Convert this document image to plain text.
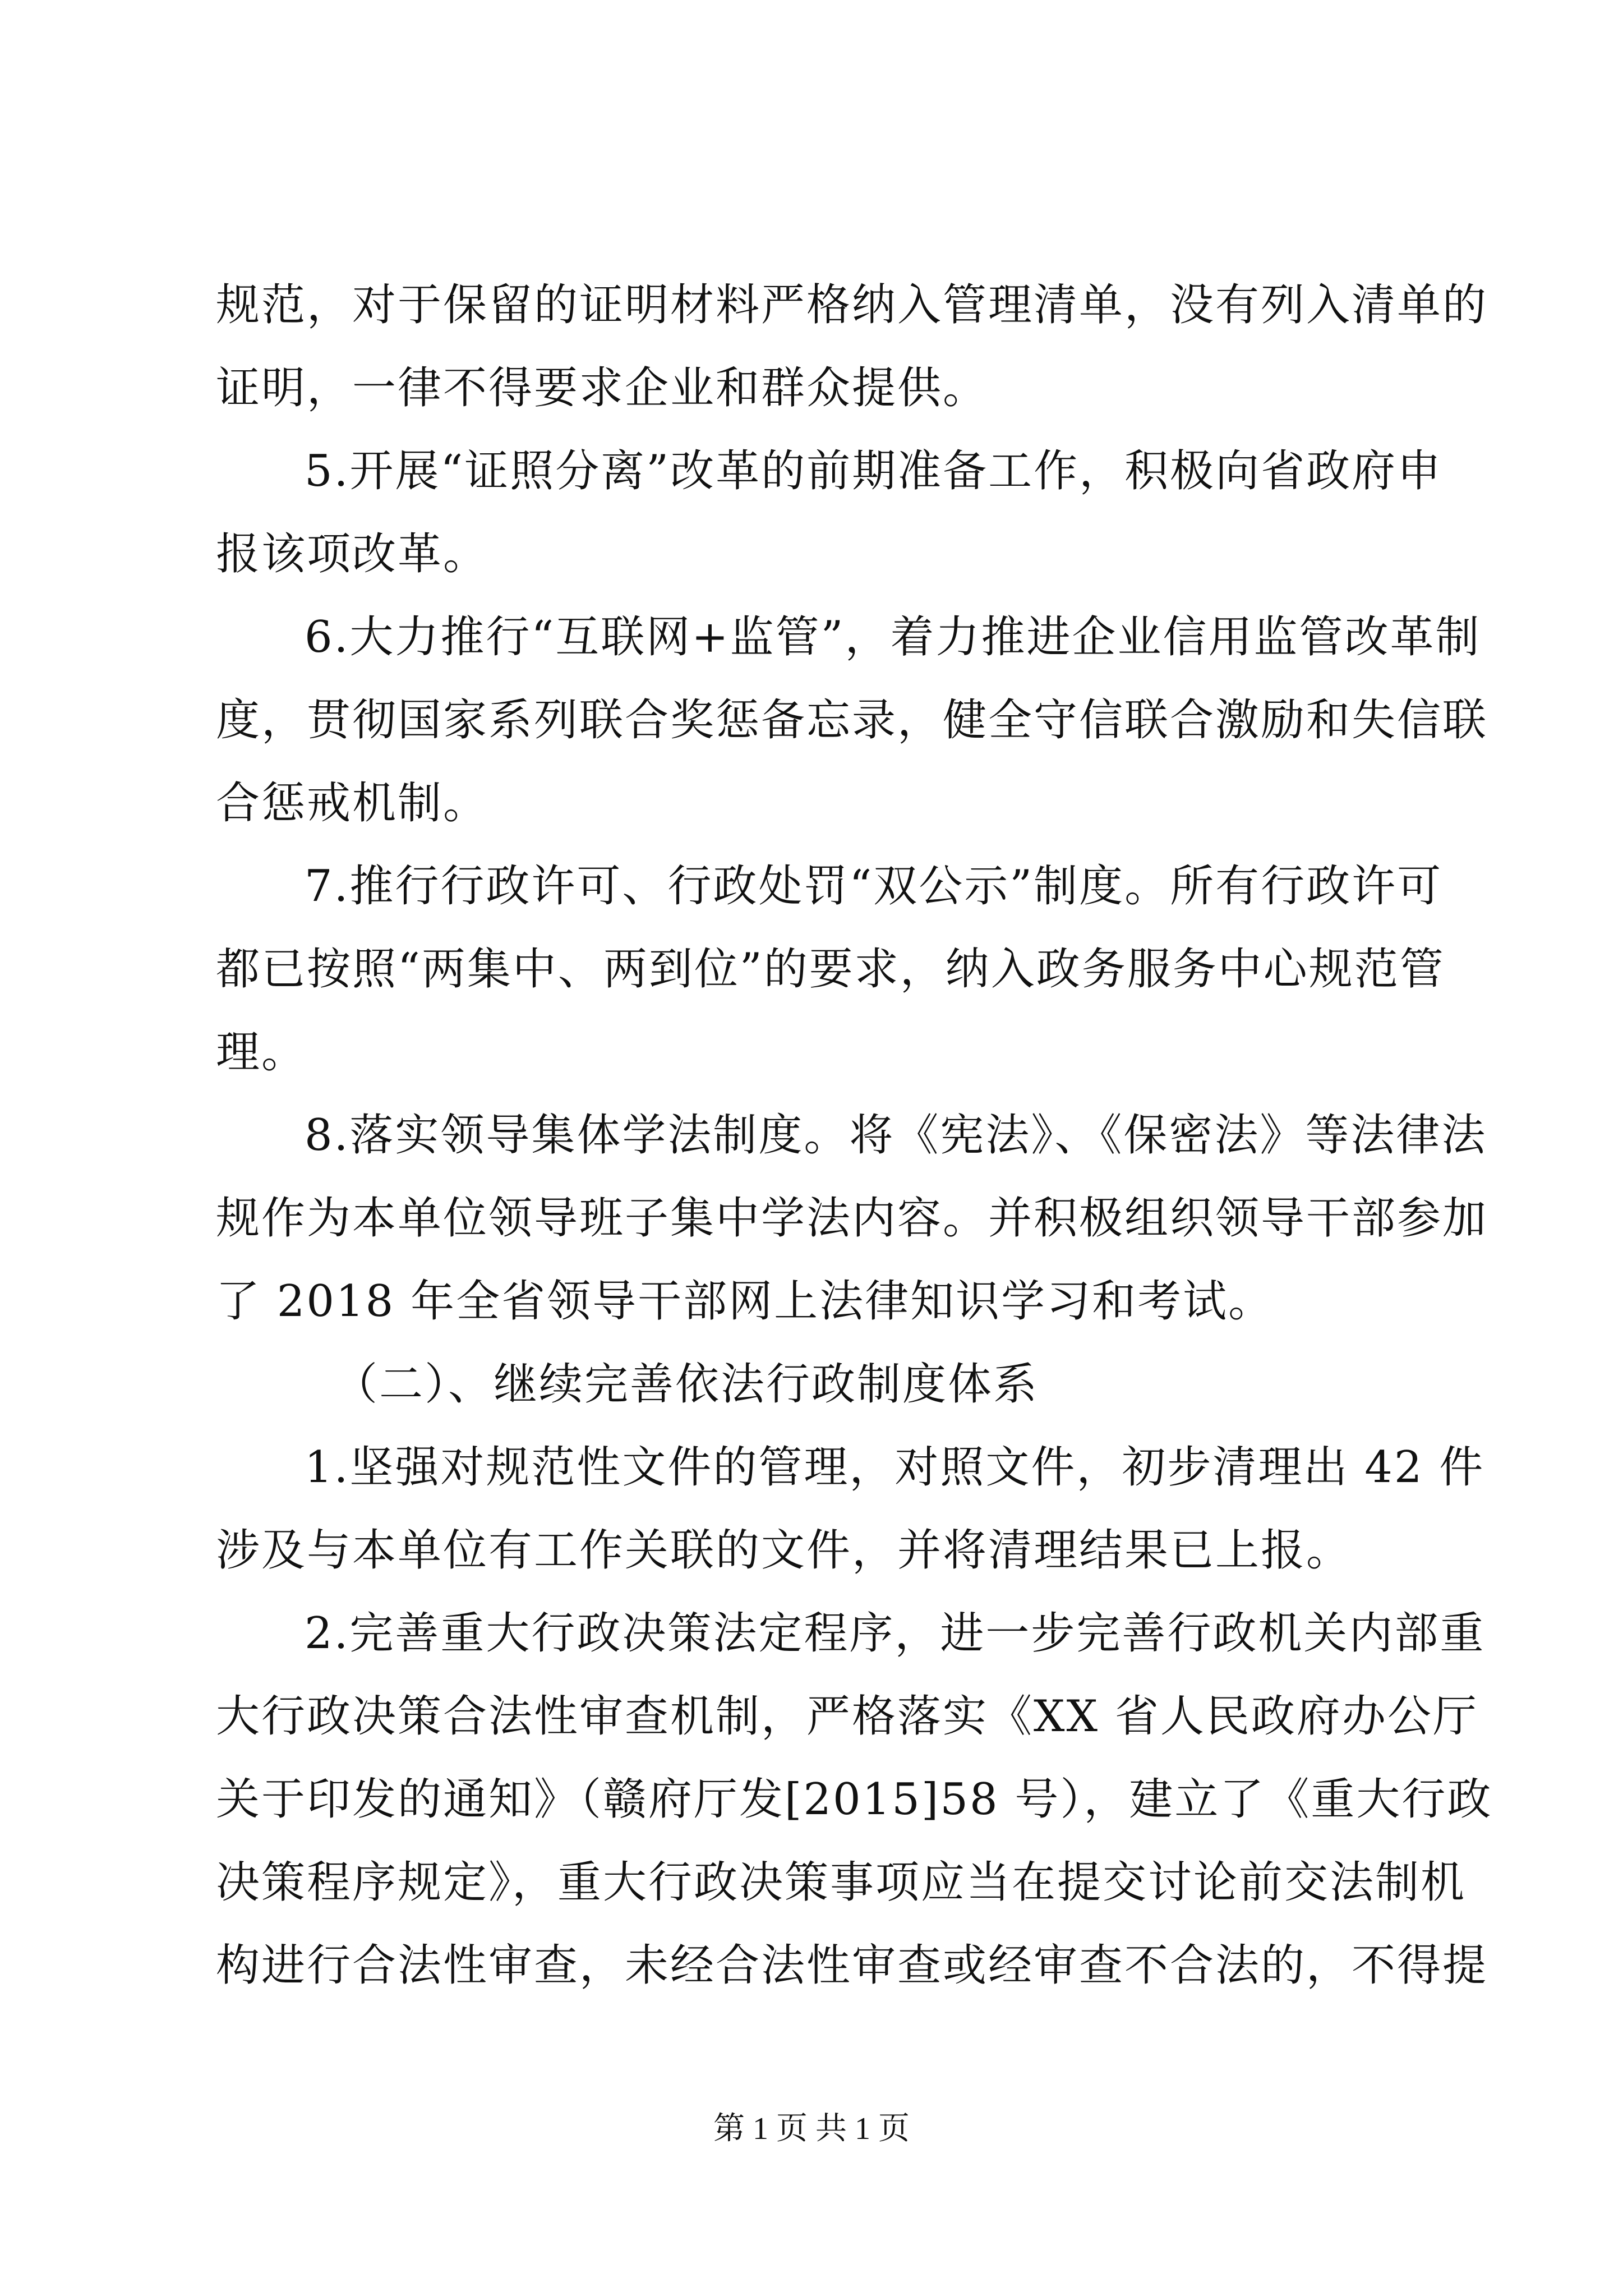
规范，对于保留的证明材料严格纳入管理清单，没有列入清单的
证明，一律不得要求企业和群众提供。
5.开展“证照分离”改革的前期准备工作，积极向省政府申
报该项改革。
6.大力推行“互联网+监管”，着力推进企业信用监管改革制
度，贯彻国家系列联合奖惩备忘录，健全守信联合激励和失信联
合惩戒机制。
7.推行行政许可、行政处罚“双公示”制度。所有行政许可
都已按照“两集中、两到位”的要求，纳入政务服务中心规范管
理。
8.落实领导集体学法制度。将《宪法》、《保密法》等法律法
规作为本单位领导班子集中学法内容。并积极组织领导干部参加
了 2018 年全省领导干部网上法律知识学习和考试。
（二）、继续完善依法行政制度体系
1.坚强对规范性文件的管理，对照文件，初步清理出 42 件
涉及与本单位有工作关联的文件，并将清理结果已上报。
2.完善重大行政决策法定程序，进一步完善行政机关内部重
大行政决策合法性审查机制，严格落实《XX 省人民政府办公厅
关于印发的通知》（赣府厅发[2015]58 号），建立了《重大行政
决策程序规定》，重大行政决策事项应当在提交讨论前交法制机
构进行合法性审查，未经合法性审查或经审查不合法的，不得提
第 1 页 共 1 页
